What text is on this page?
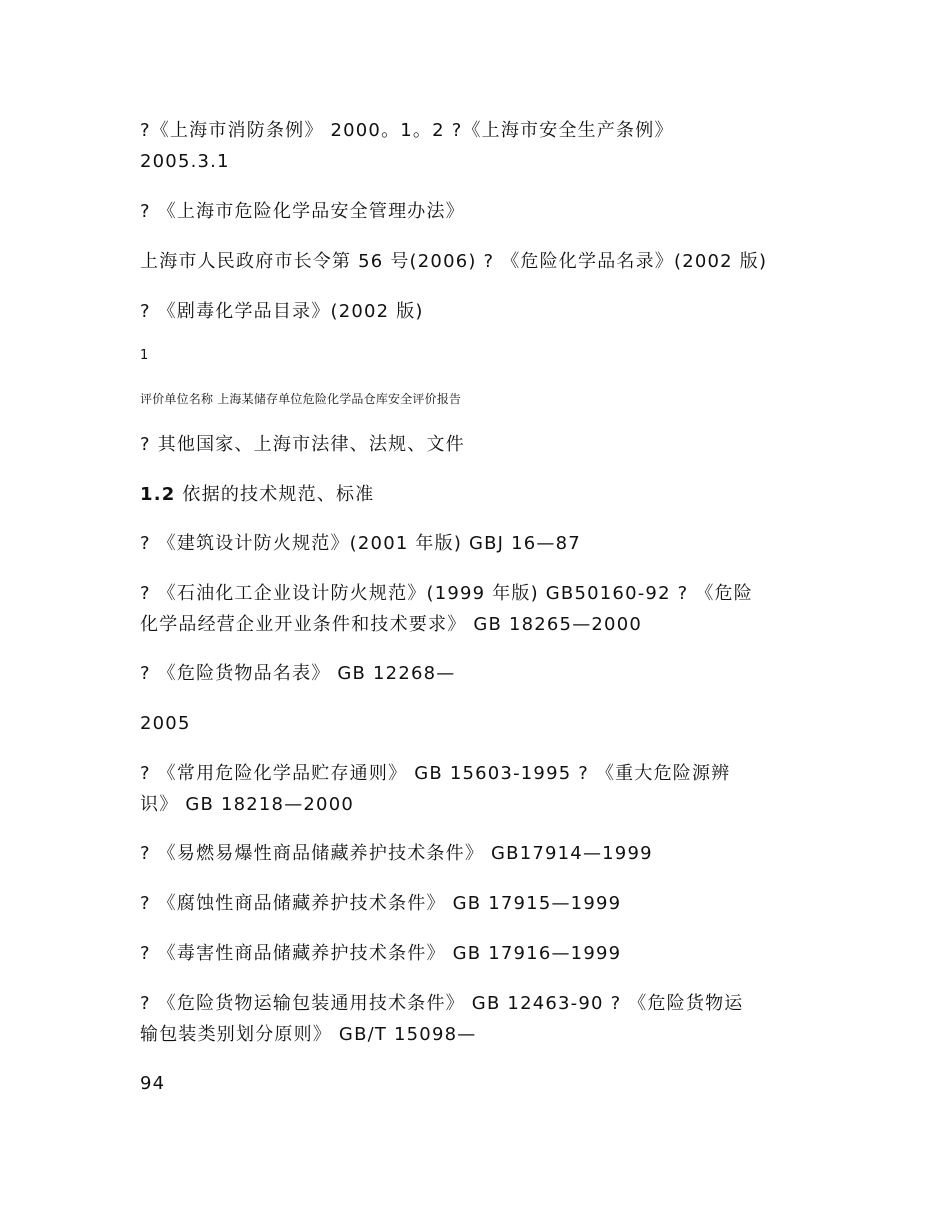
?《上海市消防条例》 2000。1。2 ?《上海市安全生产条例》
2005.3.1
? 《上海市危险化学品安全管理办法》
上海市人民政府市长令第 56 号(2006) ? 《危险化学品名录》(2002 版)
? 《剧毒化学品目录》(2002 版)
1
评价单位名称 上海某储存单位危险化学品仓库安全评价报告
? 其他国家、上海市法律、法规、文件
1.2 依据的技术规范、标准
? 《建筑设计防火规范》(2001 年版) GBJ 16—87
? 《石油化工企业设计防火规范》(1999 年版) GB50160-92 ? 《危险
化学品经营企业开业条件和技术要求》 GB 18265—2000
? 《危险货物品名表》 GB 12268—
2005
? 《常用危险化学品贮存通则》 GB 15603-1995 ? 《重大危险源辨
识》 GB 18218—2000
? 《易燃易爆性商品储藏养护技术条件》 GB17914—1999
? 《腐蚀性商品储藏养护技术条件》 GB 17915—1999
? 《毒害性商品储藏养护技术条件》 GB 17916—1999
? 《危险货物运输包装通用技术条件》 GB 12463-90 ? 《危险货物运
输包装类别划分原则》 GB/T 15098—
94
